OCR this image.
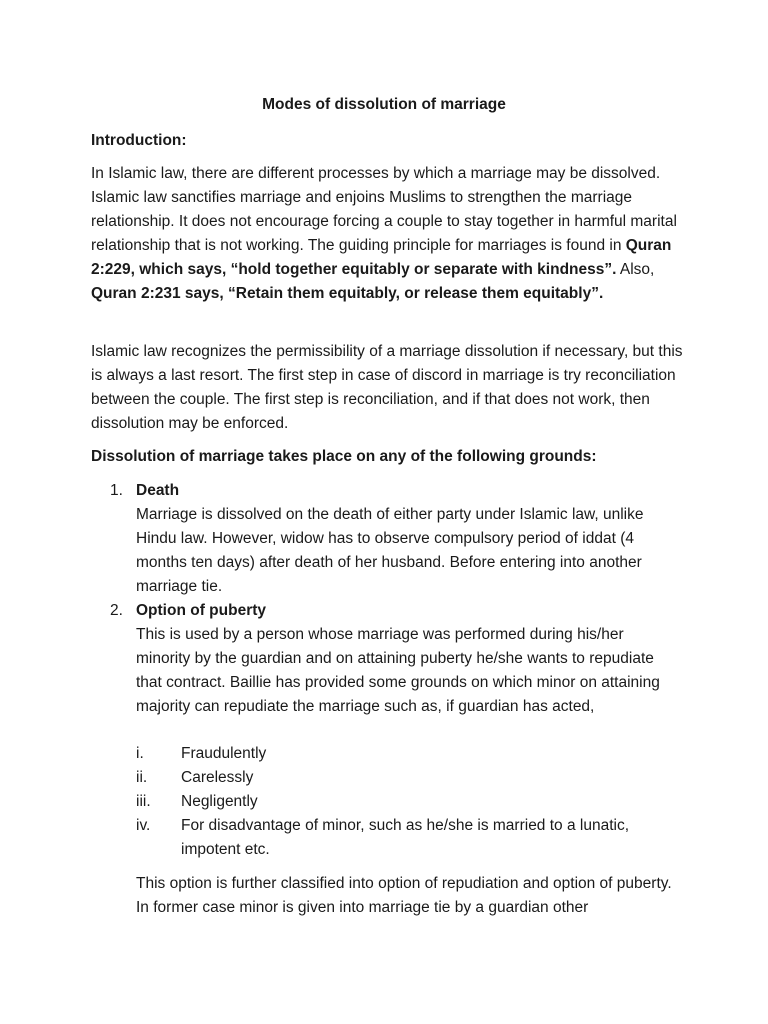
Modes of dissolution of marriage
Introduction:
In Islamic law, there are different processes by which a marriage may be dissolved. Islamic law sanctifies marriage and enjoins Muslims to strengthen the marriage relationship. It does not encourage forcing a couple to stay together in harmful marital relationship that is not working. The guiding principle for marriages is found in Quran 2:229, which says, “hold together equitably or separate with kindness”. Also, Quran 2:231 says, “Retain them equitably, or release them equitably”.
Islamic law recognizes the permissibility of a marriage dissolution if necessary, but this is always a last resort. The first step in case of discord in marriage is try reconciliation between the couple. The first step is reconciliation, and if that does not work, then dissolution may be enforced.
Dissolution of marriage takes place on any of the following grounds:
1. Death
Marriage is dissolved on the death of either party under Islamic law, unlike Hindu law. However, widow has to observe compulsory period of iddat (4 months ten days) after death of her husband. Before entering into another marriage tie.
2. Option of puberty
This is used by a person whose marriage was performed during his/her minority by the guardian and on attaining puberty he/she wants to repudiate that contract. Baillie has provided some grounds on which minor on attaining majority can repudiate the marriage such as, if guardian has acted,
i.	Fraudulently
ii.	Carelessly
iii.	Negligently
iv.	For disadvantage of minor, such as he/she is married to a lunatic, impotent etc.
This option is further classified into option of repudiation and option of puberty. In former case minor is given into marriage tie by a guardian other
